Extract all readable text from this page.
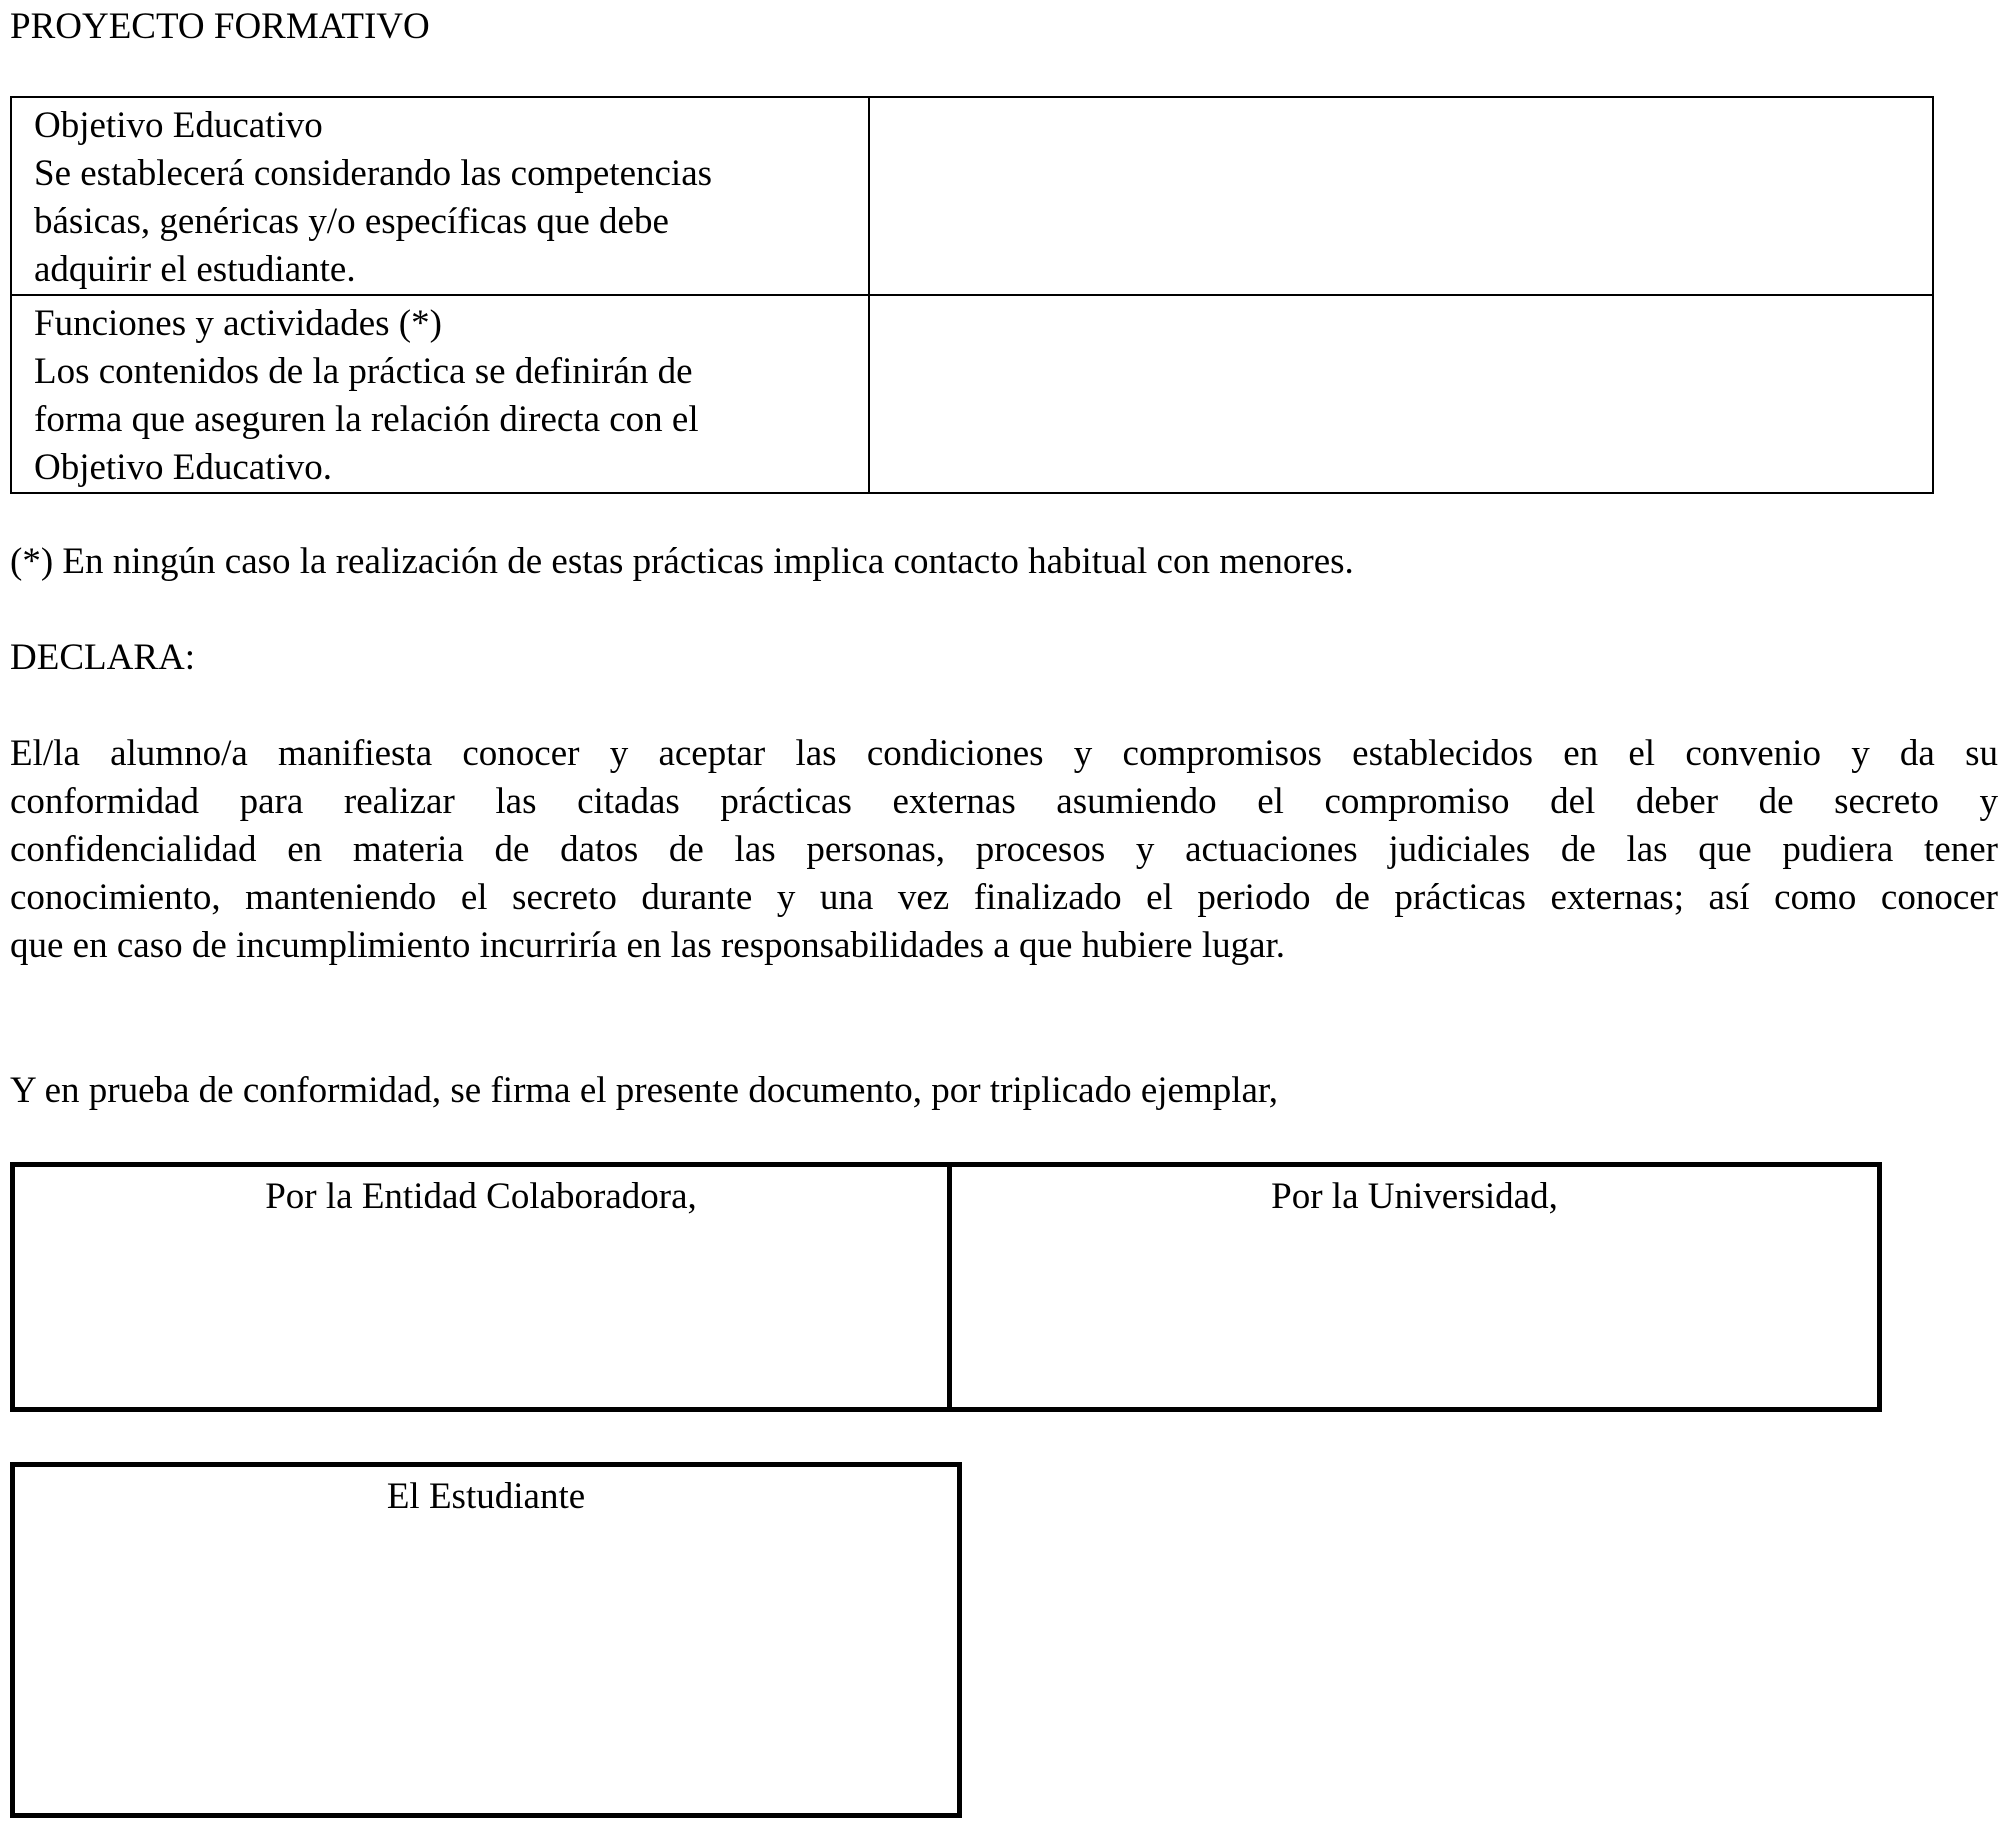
PROYECTO FORMATIVO
Objetivo Educativo
Se establecerá considerando las competencias
básicas, genéricas y/o específicas que debe
adquirir el estudiante.	

Funciones y actividades (*)
Los contenidos de la práctica se definirán de
forma que aseguren la relación directa con el
Objetivo Educativo.	

(*) En ningún caso la realización de estas prácticas implica contacto habitual con menores.
DECLARA:
El/la alumno/a manifiesta conocer y aceptar las condiciones y compromisos establecidos en el convenio y da su
conformidad para realizar las citadas prácticas externas asumiendo el compromiso del deber de secreto y
confidencialidad en materia de datos de las personas, procesos y actuaciones judiciales de las que pudiera tener
conocimiento, manteniendo el secreto durante y una vez finalizado el periodo de prácticas externas; así como conocer
que en caso de incumplimiento incurriría en las responsabilidades a que hubiere lugar.
Y en prueba de conformidad, se firma el presente documento, por triplicado ejemplar,
Por la Entidad Colaboradora,	Por la Universidad,
El Estudiante
